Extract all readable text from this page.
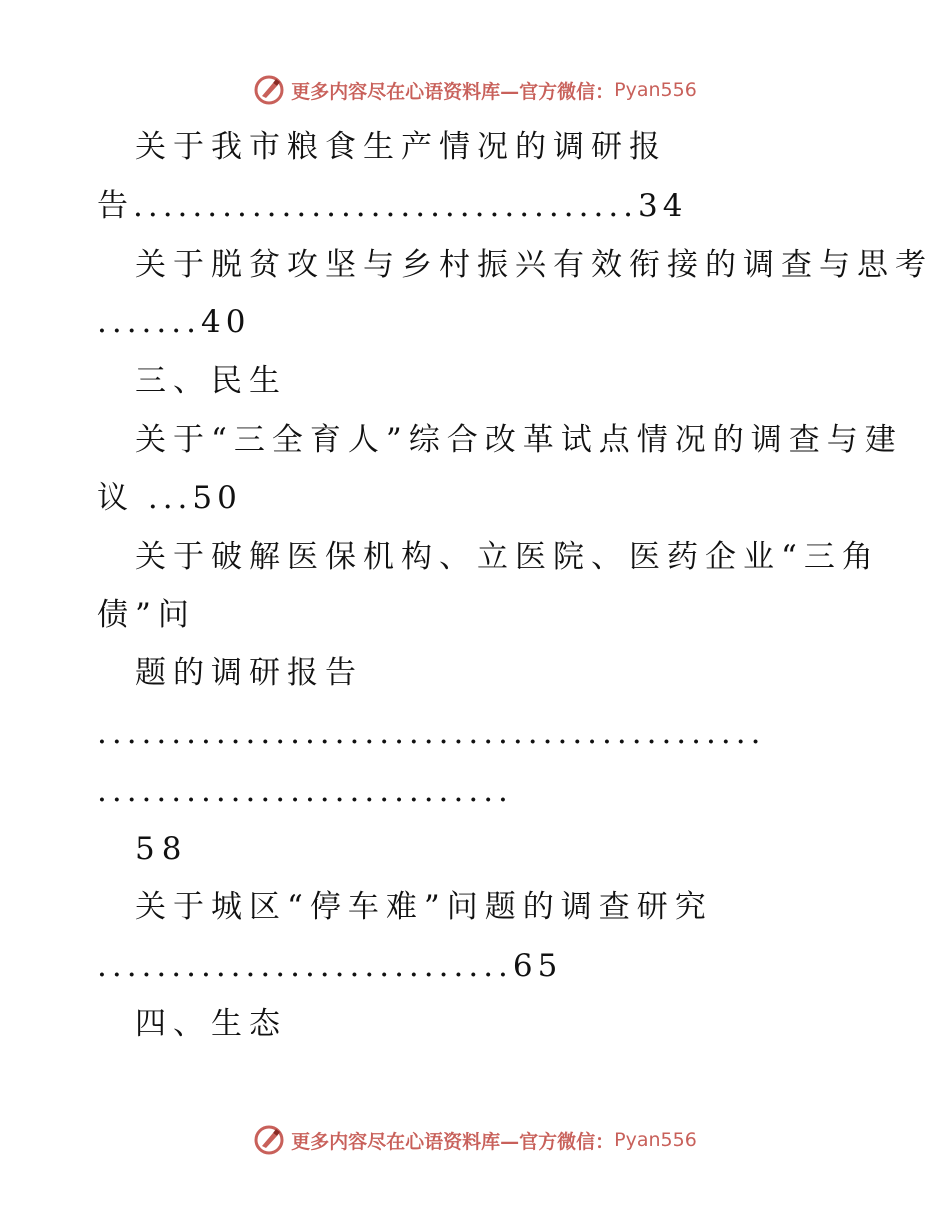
更多内容尽在心语资料库—官方微信： Pyan556
关于我市粮食生产情况的调研报
告..................................34
关于脱贫攻坚与乡村振兴有效衔接的调查与思考
.......40
三、民生
关于“三全育人”综合改革试点情况的调查与建
议 ...50
关于破解医保机构、立医院、医药企业“三角
债”问
题的调研报告
.............................................
............................
58
关于城区“停车难”问题的调查研究
............................65
四、生态
更多内容尽在心语资料库—官方微信： Pyan556
